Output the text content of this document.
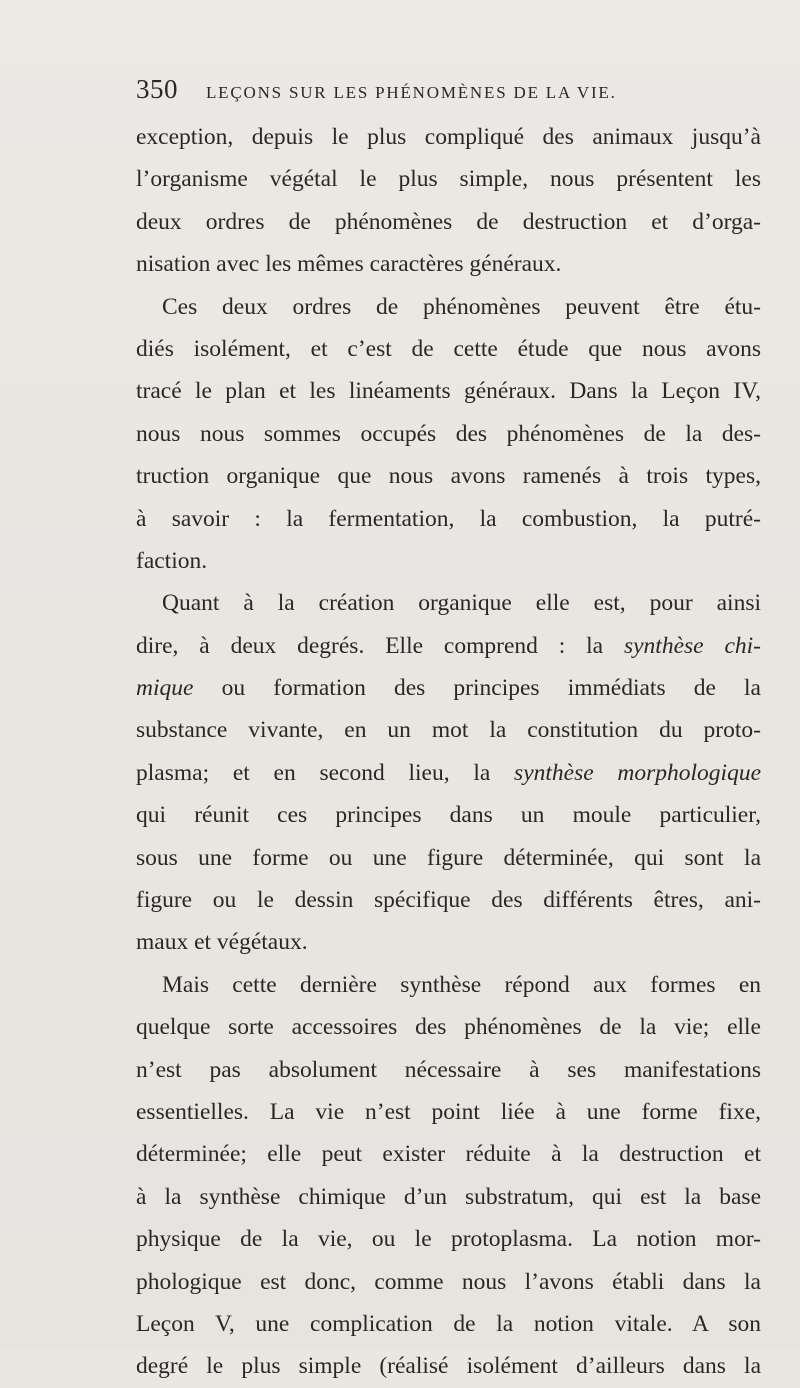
350 LEÇONS SUR LES PHÉNOMÈNES DE LA VIE.
exception, depuis le plus compliqué des animaux jusqu’à
l’organisme végétal le plus simple, nous présentent les
deux ordres de phénomènes de destruction et d’orga-
nisation avec les mêmes caractères généraux.
Ces deux ordres de phénomènes peuvent être étu-
diés isolément, et c’est de cette étude que nous avons
tracé le plan et les linéaments généraux. Dans la Leçon IV,
nous nous sommes occupés des phénomènes de la des-
truction organique que nous avons ramenés à trois types,
à savoir : la fermentation, la combustion, la putré-
faction.
Quant à la création organique elle est, pour ainsi
dire, à deux degrés. Elle comprend : la synthèse chi-
mique ou formation des principes immédiats de la
substance vivante, en un mot la constitution du proto-
plasma; et en second lieu, la synthèse morphologique
qui réunit ces principes dans un moule particulier,
sous une forme ou une figure déterminée, qui sont la
figure ou le dessin spécifique des différents êtres, ani-
maux et végétaux.
Mais cette dernière synthèse répond aux formes en
quelque sorte accessoires des phénomènes de la vie; elle
n’est pas absolument nécessaire à ses manifestations
essentielles. La vie n’est point liée à une forme fixe,
déterminée; elle peut exister réduite à la destruction et
à la synthèse chimique d’un substratum, qui est la base
physique de la vie, ou le protoplasma. La notion mor-
phologique est donc, comme nous l’avons établi dans la
Leçon V, une complication de la notion vitale. A son
degré le plus simple (réalisé isolément d’ailleurs dans la
